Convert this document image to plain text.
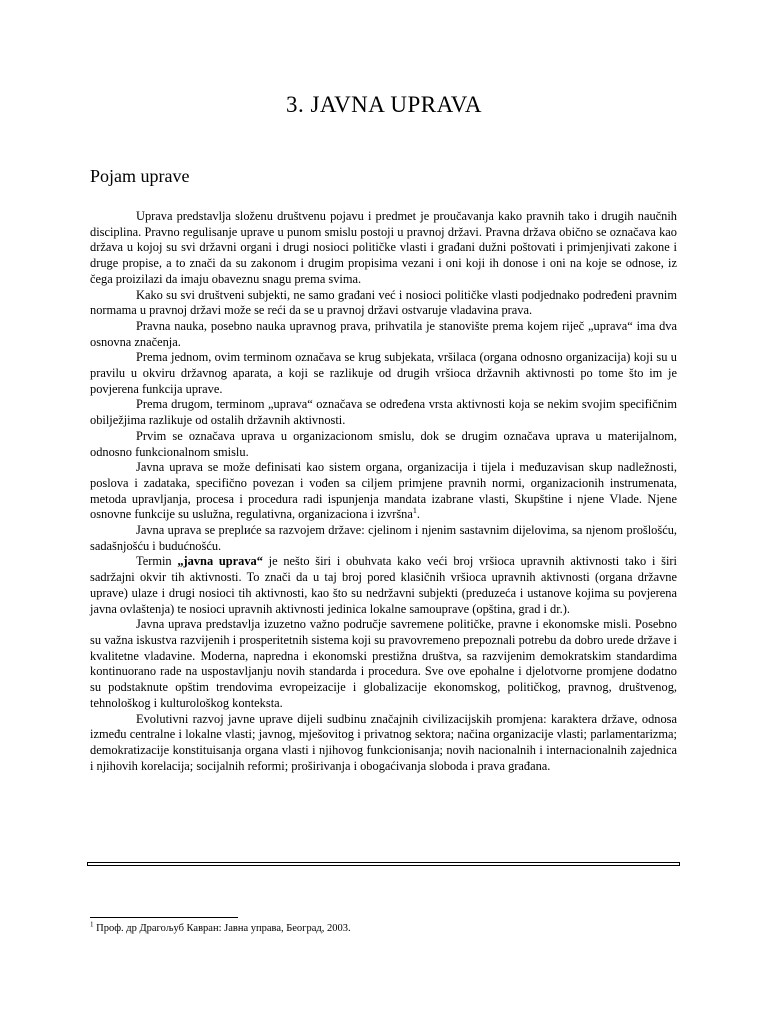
3. JAVNA UPRAVA
Pojam uprave

Uprava predstavlja složenu društvenu pojavu i predmet je proučavanja kako pravnih tako i drugih naučnih disciplina. Pravno regulisanje uprave u punom smislu postoji u pravnoj državi. Pravna država obično se označava kao država u kojoj su svi državni organi i drugi nosioci političke vlasti i građani dužni poštovati i primjenjivati zakone i druge propise, a to znači da su zakonom i drugim propisima vezani i oni koji ih donose i oni na koje se odnose, iz čega proizilazi da imaju obaveznu snagu prema svima.

Kako su svi društveni subjekti, ne samo građani već i nosioci političke vlasti podjednako podređeni pravnim normama u pravnoj državi može se reći da se u pravnoj državi ostvaruje vladavina prava.

Pravna nauka, posebno nauka upravnog prava, prihvatila je stanovište prema kojem riječ „uprava“ ima dva osnovna značenja.

Prema jednom, ovim terminom označava se krug subjekata, vršilaca (organa odnosno organizacija) koji su u pravilu u okviru državnog aparata, a koji se razlikuje od drugih vršioca državnih aktivnosti po tome što im je povjerena funkcija uprave.

Prema drugom, terminom „uprava“ označava se određena vrsta aktivnosti koja se nekim svojim specifičnim obilježjima razlikuje od ostalih državnih aktivnosti.

Prvim se označava uprava u organizacionom smislu, dok se drugim označava uprava u materijalnom, odnosno funkcionalnom smislu.

Javna uprava se može definisati kao sistem organa, organizacija i tijela i međuzavisan skup nadležnosti, poslova i zadataka, specifično povezan i vođen sa ciljem primjene pravnih normi, organizacionih instrumenata, metoda upravljanja, procesa i procedura radi ispunjenja mandata izabrane vlasti, Skupštine i njene Vlade. Njene osnovne funkcije su uslužna, regulativna, organizaciona i izvršna$^1$.

Javna uprava se preplиće sa razvojem države: cjelinom i njenim sastavnim dijelovima, sa njenom prošlošću, sadašnjošću i budućnošću.

Termin „javna uprava“ je nešto širi i obuhvata kako veći broj vršioca upravnih aktivnosti tako i širi sadržajni okvir tih aktivnosti. To znači da u taj broj pored klasičnih vršioca upravnih aktivnosti (organa državne uprave) ulaze i drugi nosioci tih aktivnosti, kao što su nedržavni subjekti (preduzeća i ustanove kojima su povjerena javna ovlaštenja) te nosioci upravnih aktivnosti jedinica lokalne samouprave (opština, grad i dr.).

Javna uprava predstavlja izuzetno važno područje savremene političke, pravne i ekonomske misli. Posebno su važna iskustva razvijenih i prosperitetnih sistema koji su pravovremeno prepoznali potrebu da dobro urede države i kvalitetne vladavine. Moderna, napredna i ekonomski prestižna društva, sa razvijenim demokratskim standardima kontinuorano rade na uspostavljanju novih standarda i procedura. Sve ove epohalne i djelotvorne promjene dodatno su podstaknute opštim trendovima evropeizacije i globalizacije ekonomskog, političkog, pravnog, društvenog, tehnološkog i kulturološkog konteksta.

Evolutivni razvoj javne uprave dijeli sudbinu značajnih civilizacijskih promjena: karaktera države, odnosa između centralne i lokalne vlasti; javnog, mješovitog i privatnog sektora; načina organizacije vlasti; parlamentarizma; demokratizacije konstituisanja organa vlasti i njihovog funkcionisanja; novih nacionalnih i internacionalnih zajednica i njihovih korelacija; socijalnih reformi; proširivanja i obogaćivanja sloboda i prava građana.

$^1$ Проф. др Драгољуб Кавран: Јавна управа, Београд, 2003.
